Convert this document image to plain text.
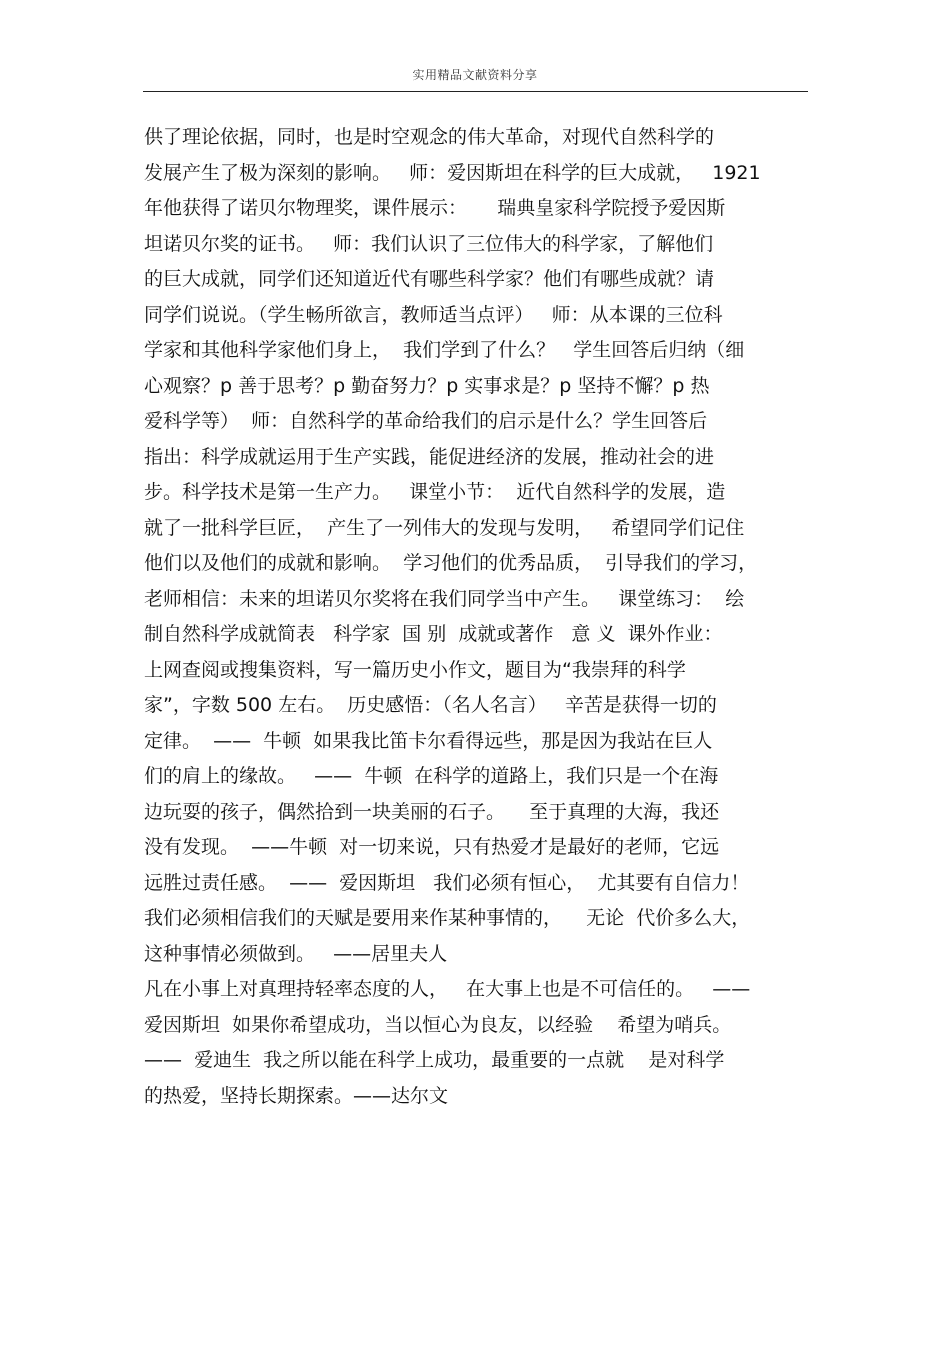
实用精品文献资料分享
供了理论依据，同时，也是时空观念的伟大革命，对现代自然科学的
发展产生了极为深刻的影响。   师：爱因斯坦在科学的巨大成就，   1921
年他获得了诺贝尔物理奖，课件展示：     瑞典皇家科学院授予爱因斯
坦诺贝尔奖的证书。   师：我们认识了三位伟大的科学家，了解他们
的巨大成就，同学们还知道近代有哪些科学家？他们有哪些成就？请
同学们说说。（学生畅所欲言，教师适当点评）   师：从本课的三位科
学家和其他科学家他们身上，  我们学到了什么？   学生回答后归纳（细
心观察？p 善于思考？p 勤奋努力？p 实事求是？p 坚持不懈？p 热
爱科学等）  师：自然科学的革命给我们的启示是什么？学生回答后
指出：科学成就运用于生产实践，能促进经济的发展，推动社会的进
步。科学技术是第一生产力。   课堂小节：  近代自然科学的发展，造
就了一批科学巨匠，  产生了一列伟大的发现与发明，   希望同学们记住
他们以及他们的成就和影响。  学习他们的优秀品质，  引导我们的学习，
老师相信：未来的坦诺贝尔奖将在我们同学当中产生。   课堂练习：  绘
制自然科学成就简表   科学家  国 别  成就或著作   意 义  课外作业：
上网查阅或搜集资料，写一篇历史小作文，题目为“我崇拜的科学
家”，字数 500 左右。  历史感悟：（名人名言）   辛苦是获得一切的
定律。  ——  牛顿  如果我比笛卡尔看得远些，那是因为我站在巨人
们的肩上的缘故。   ——  牛顿  在科学的道路上，我们只是一个在海
边玩耍的孩子，偶然拾到一块美丽的石子。    至于真理的大海，我还
没有发现。  ——牛顿  对一切来说，只有热爱才是最好的老师，它远
远胜过责任感。  ——  爱因斯坦   我们必须有恒心，  尤其要有自信力！
我们必须相信我们的天赋是要用来作某种事情的，    无论  代价多么大，
这种事情必须做到。   ——居里夫人
凡在小事上对真理持轻率态度的人，   在大事上也是不可信任的。   ——
爱因斯坦  如果你希望成功，当以恒心为良友，以经验    希望为哨兵。
——  爱迪生  我之所以能在科学上成功，最重要的一点就    是对科学
的热爱，坚持长期探索。——达尔文
